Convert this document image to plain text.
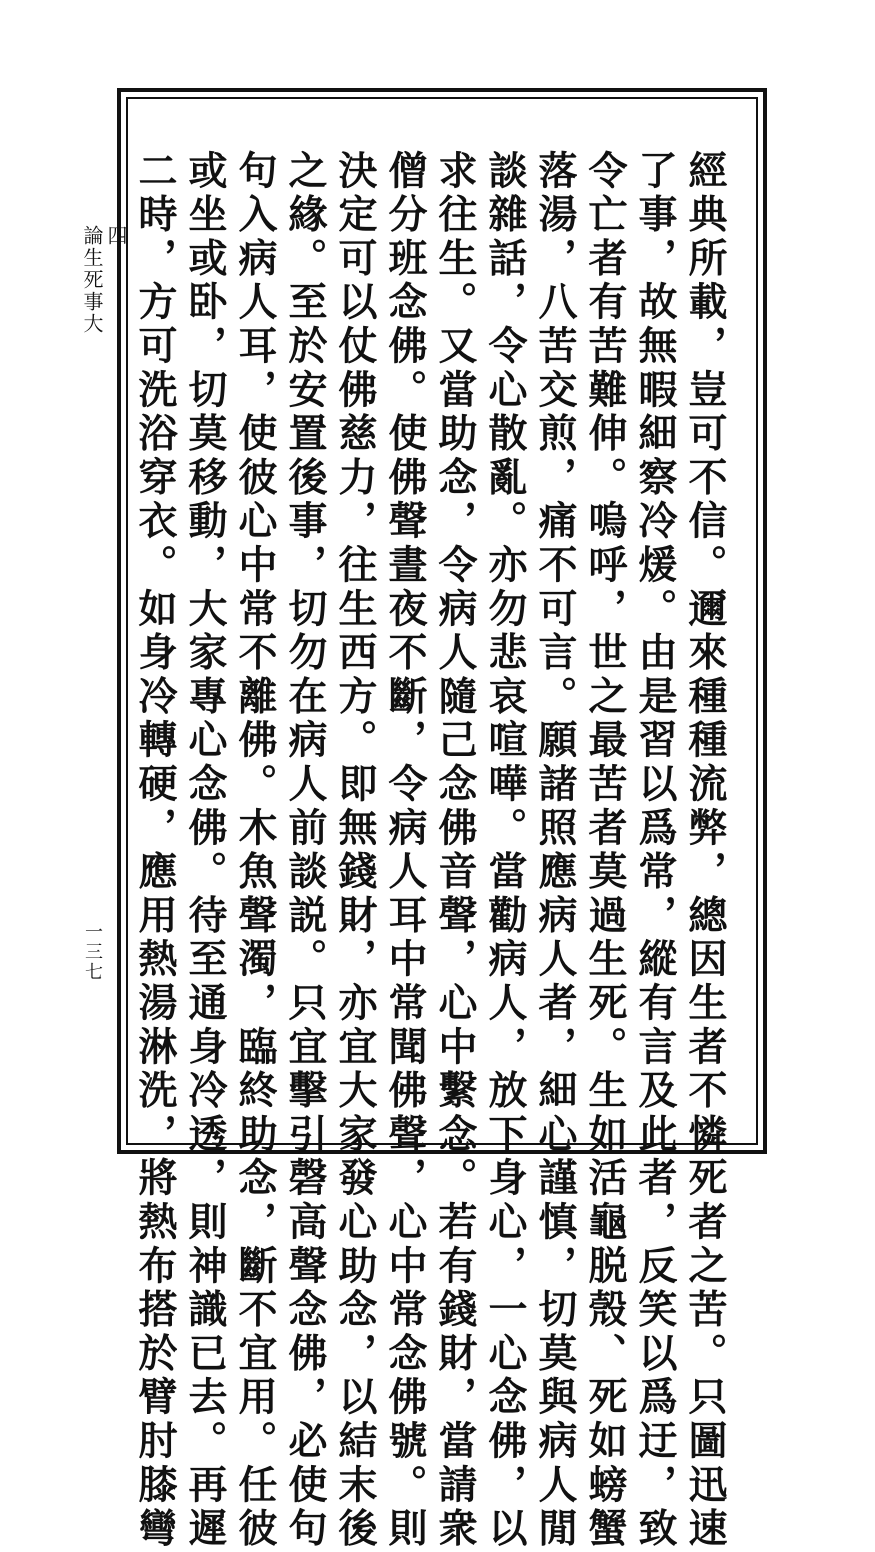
四
論生死事大
一三七	經典所載，豈可不信。邇來種種流弊，總因生者不憐死者之苦。只圖迅速
了事，故無暇細察冷煖。由是習以爲常，縱有言及此者，反笑以爲迂，致
令亡者有苦難伸。嗚呼，世之最苦者莫過生死。生如活龜脱殼、死如螃蟹
落湯，八苦交煎，痛不可言。願諸照應病人者，細心謹慎，切莫與病人閒
談雜話，令心散亂。亦勿悲哀喧嘩。當勸病人，放下身心，一心念佛，以
求往生。又當助念，令病人隨己念佛音聲，心中繫念。若有錢財，當請衆
僧分班念佛。使佛聲晝夜不斷，令病人耳中常聞佛聲，心中常念佛號。則
決定可以仗佛慈力，往生西方。即無錢財，亦宜大家發心助念，以結末後
之緣。至於安置後事，切勿在病人前談説。只宜擊引磬高聲念佛，必使句
句入病人耳，使彼心中常不離佛。木魚聲濁，臨終助念，斷不宜用。任彼
或坐或卧，切莫移動，大家專心念佛。待至通身冷透，則神識已去。再遲
二時，方可洗浴穿衣。如身冷轉硬，應用熱湯淋洗，將熱布搭於臂肘膝彎
